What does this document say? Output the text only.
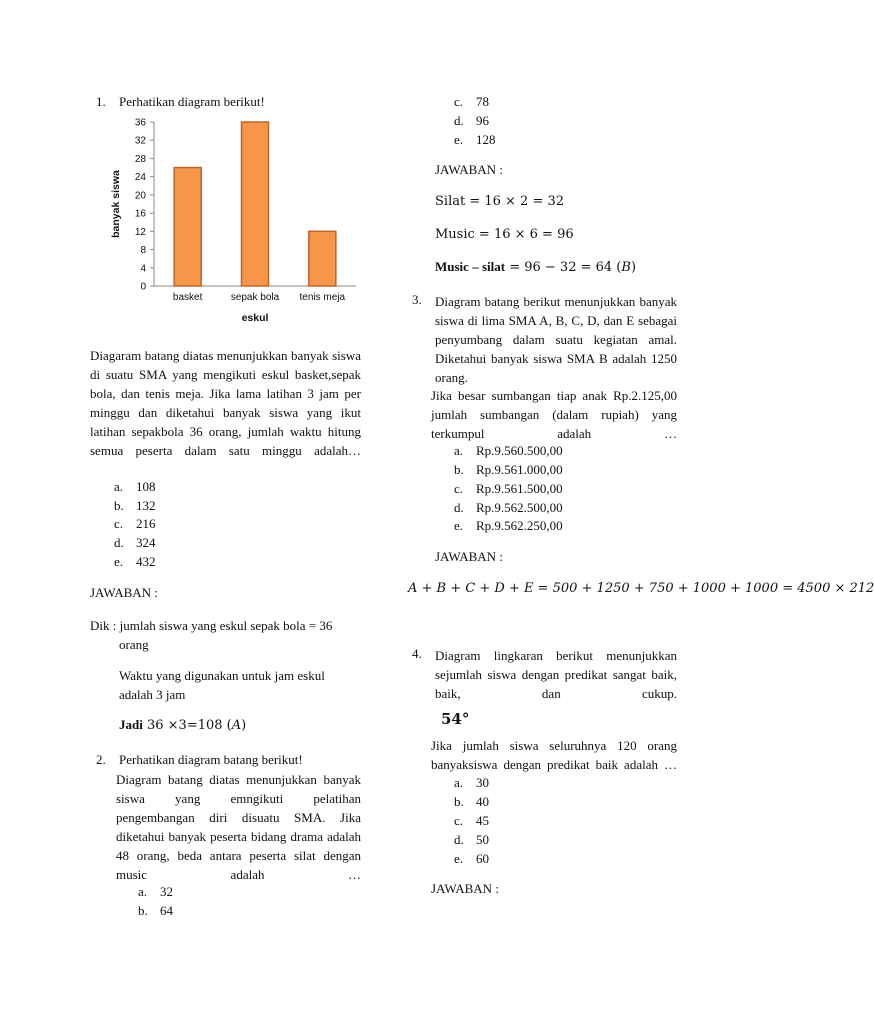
1. Perhatikan diagram berikut!
0
4
8
12
16
20
24
28
32
36
basket	sepak bola tenis meja
eskul
banyak siswa
Diagaram batang diatas menunjukkan banyak siswa di suatu SMA yang mengikuti eskul basket,sepak bola, dan tenis meja. Jika lama latihan 3 jam per minggu dan diketahui banyak siswa yang ikut latihan sepakbola 36 orang, jumlah waktu hitung semua peserta dalam satu minggu adalah…
a. 108
b. 132
c. 216
d. 324
e. 432
JAWABAN :
Dik : jumlah siswa yang eskul sepak bola = 36
orang
Waktu yang digunakan untuk jam eskul
adalah 3 jam
Jadi 36 ×3=108 (A)
2. Perhatikan diagram batang berikut!
Diagram batang diatas menunjukkan banyak siswa yang emngikuti pelatihan pengembangan diri disuatu SMA. Jika diketahui banyak peserta bidang drama adalah 48 orang, beda antara peserta silat dengan music adalah …
a. 32
b. 64
c. 78
d. 96
e. 128
JAWABAN :
Silat = 16 × 2 = 32
Music = 16 × 6 = 96
Music – silat = 96 − 32 = 64 (B)
3. Diagram batang berikut menunjukkan banyak siswa di lima SMA A, B, C, D, dan E sebagai penyumbang dalam suatu kegiatan amal. Diketahui banyak siswa SMA B adalah 1250 orang.
Jika besar sumbangan tiap anak Rp.2.125,00 jumlah sumbangan (dalam rupiah) yang terkumpul adalah …
a. Rp.9.560.500,00
b. Rp.9.561.000,00
c. Rp.9.561.500,00
d. Rp.9.562.500,00
e. Rp.9.562.250,00
JAWABAN :
A + B + C + D + E = 500 + 1250 + 750 + 1000 + 1000 = 4500 × 212
4. Diagram lingkaran berikut menunjukkan sejumlah siswa dengan predikat sangat baik, baik, dan cukup.
54°
Jika jumlah siswa seluruhnya 120 orang banyaksiswa dengan predikat baik adalah …
a. 30
b. 40
c. 45
d. 50
e. 60
JAWABAN :
